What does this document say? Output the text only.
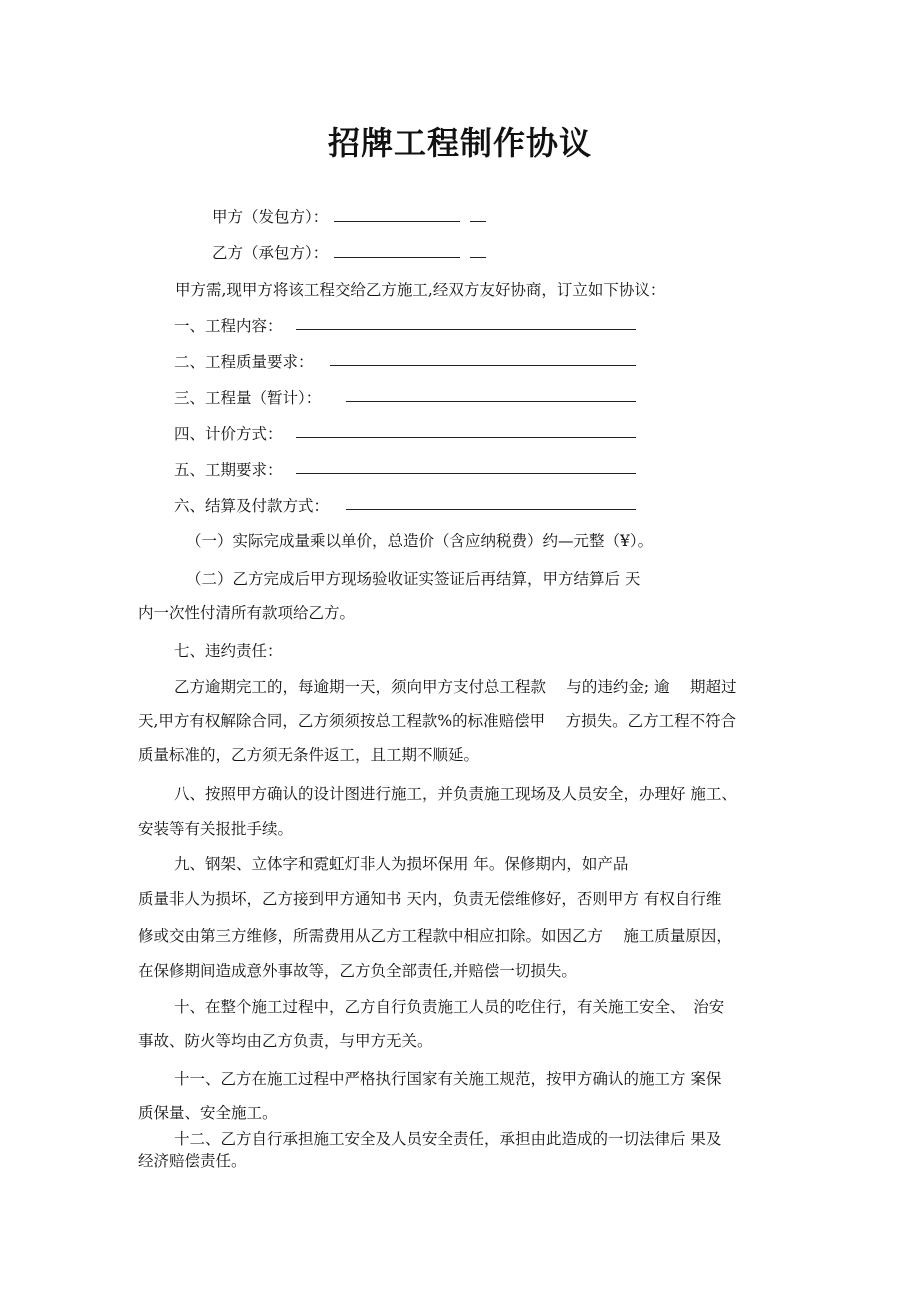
招牌工程制作协议

甲方（发包方）：

乙方（承包方）：

甲方需,现甲方将该工程交给乙方施工,经双方友好协商，订立如下协议：

一、工程内容：

二、工程质量要求：

三、工程量（暂计）：

四、计价方式：

五、工期要求：

六、结算及付款方式：

（一）实际完成量乘以单价，总造价（含应纳税费）约—元整（¥）。

（二）乙方完成后甲方现场验收证实签证后再结算，甲方结算后 天

内一次性付清所有款项给乙方。

七、违约责任：

乙方逾期完工的，每逾期一天，须向甲方支付总工程款　 与的违约金; 逾　 期超过

天,甲方有权解除合同，乙方须须按总工程款%的标准赔偿甲　 方损失。乙方工程不符合

质量标准的，乙方须无条件返工，且工期不顺延。

八、按照甲方确认的设计图进行施工，并负责施工现场及人员安全，办理好 施工、

安装等有关报批手续。

九、钢架、立体字和霓虹灯非人为损坏保用 年。保修期内，如产品

质量非人为损坏，乙方接到甲方通知书 天内，负责无偿维修好，否则甲方 有权自行维

修或交由第三方维修，所需费用从乙方工程款中相应扣除。如因乙方　 施工质量原因，

在保修期间造成意外事故等，乙方负全部责任,并赔偿一切损失。

十、在整个施工过程中，乙方自行负责施工人员的吃住行，有关施工安全、　治安

事故、防火等均由乙方负责，与甲方无关。

十一、乙方在施工过程中严格执行国家有关施工规范，按甲方确认的施工方 案保

质保量、安全施工。

十二、乙方自行承担施工安全及人员安全责任，承担由此造成的一切法律后 果及

经济赔偿责任。
